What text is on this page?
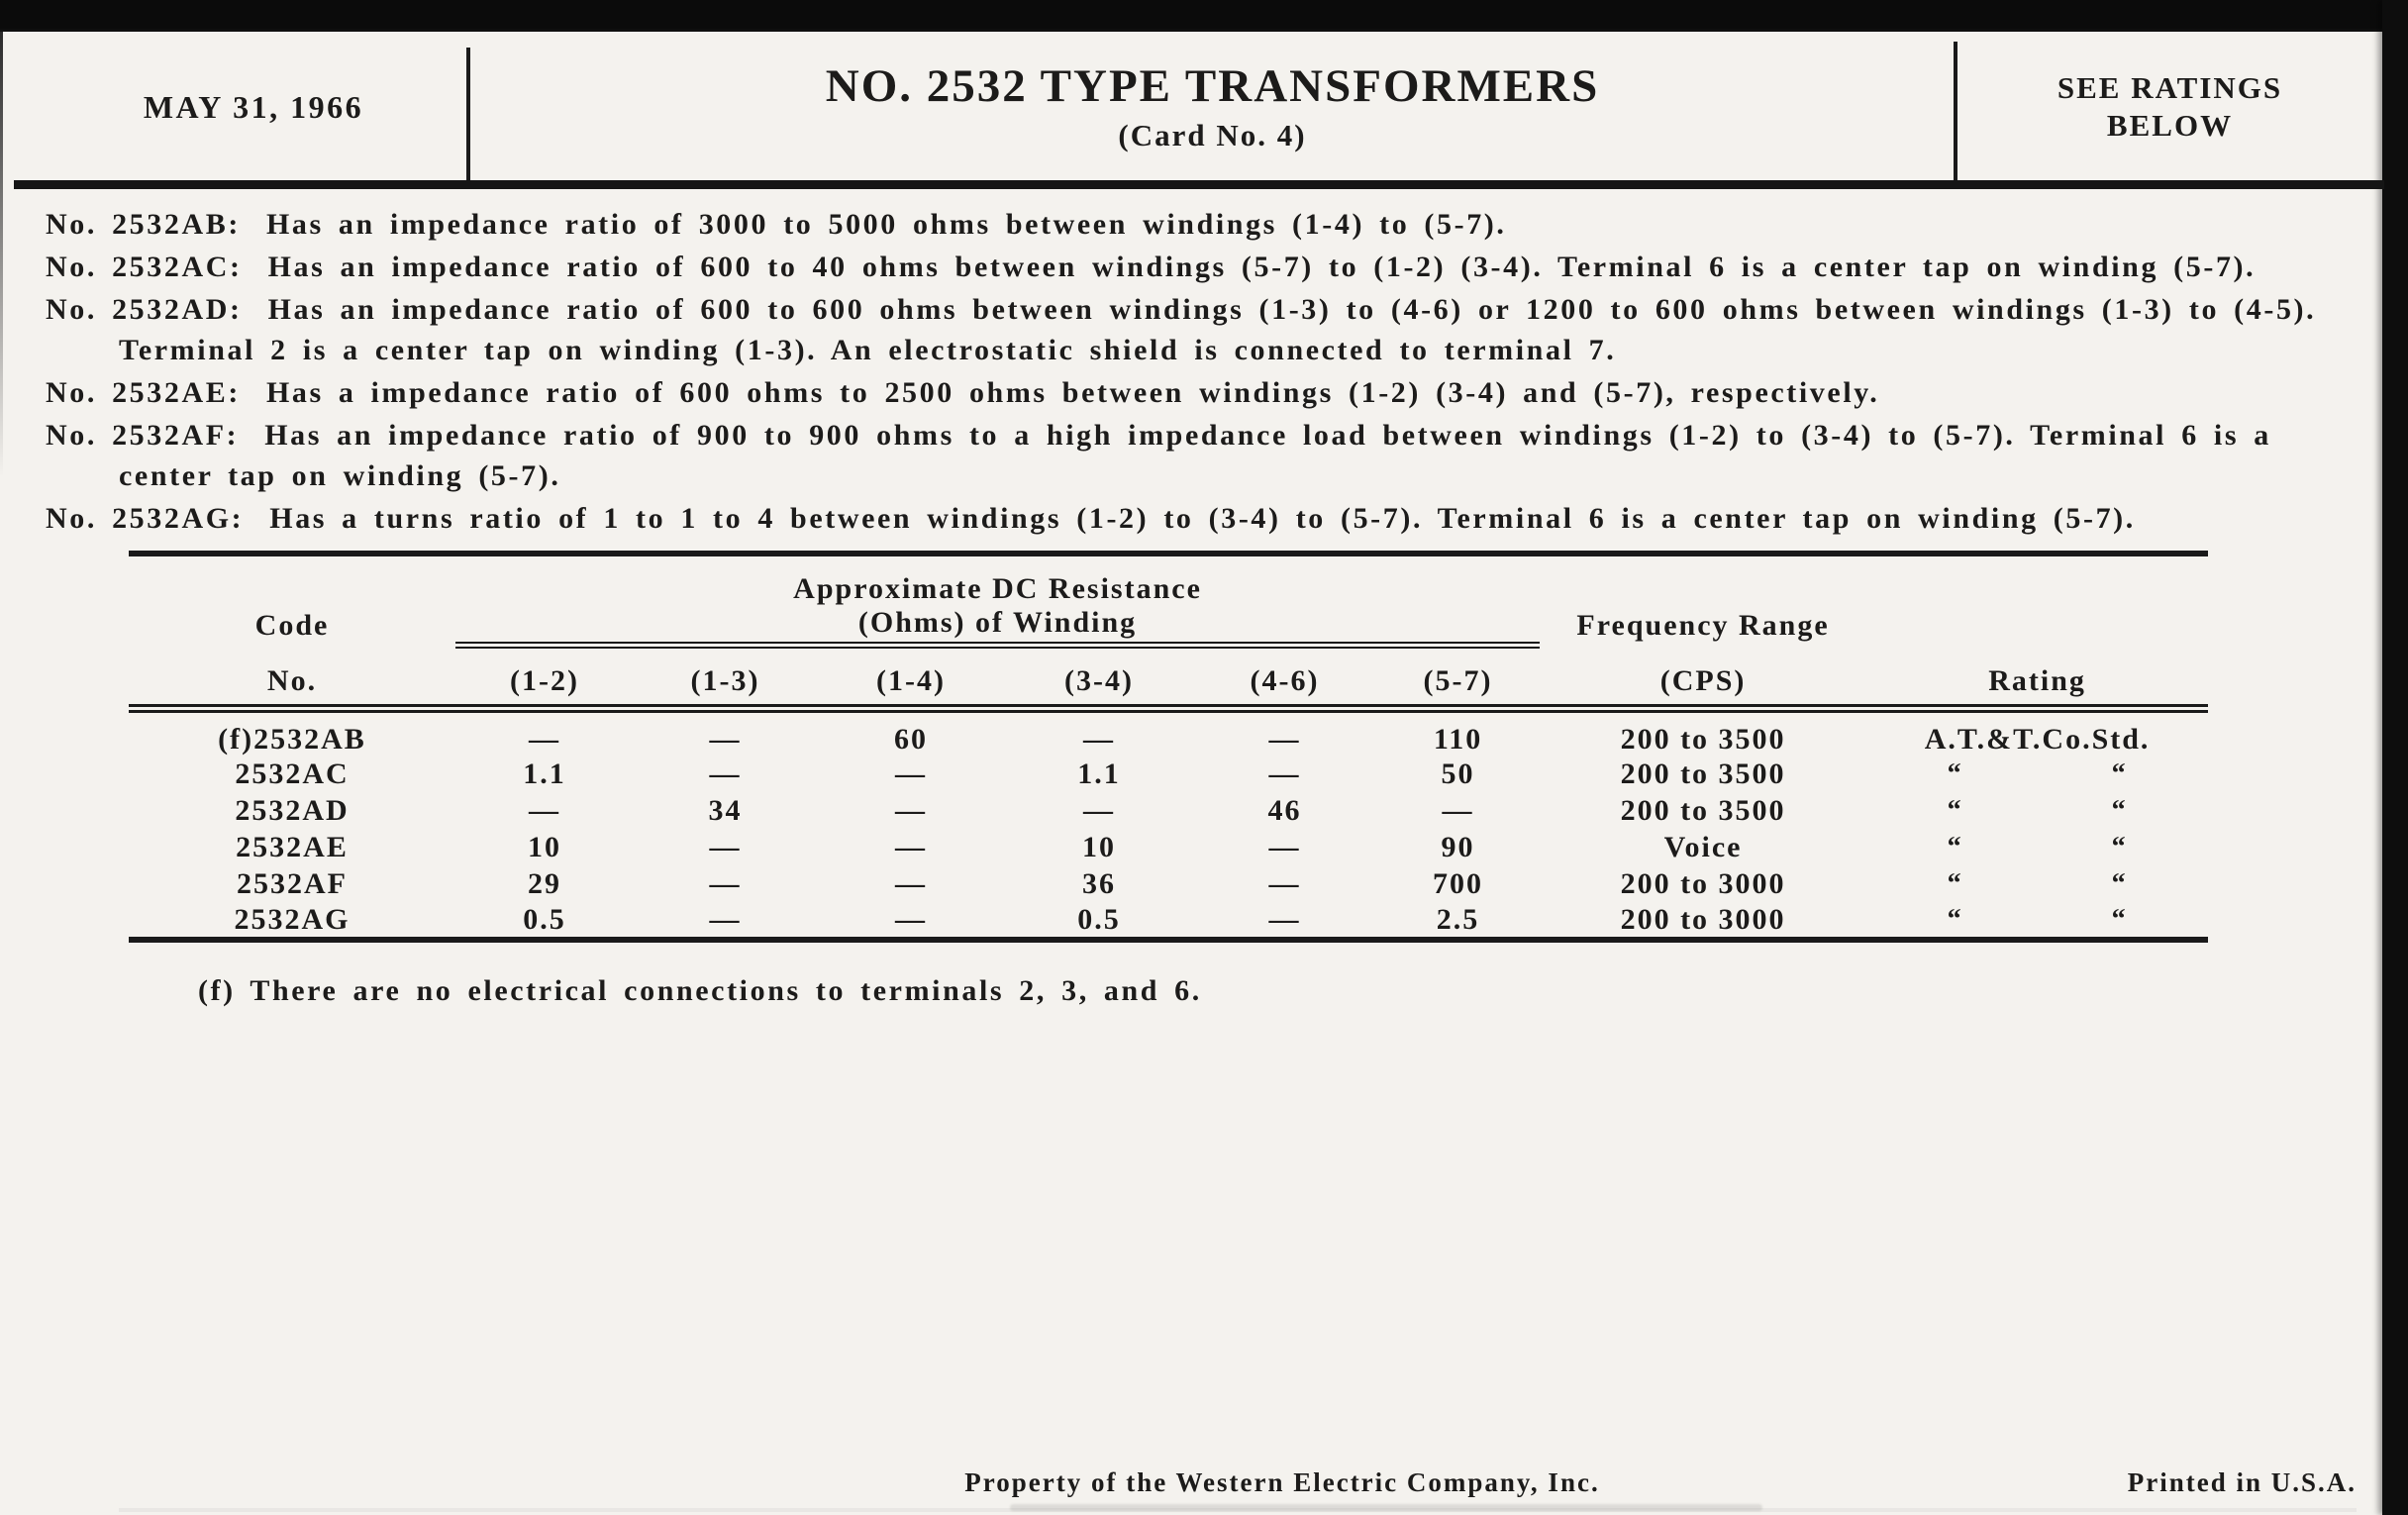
MAY 31, 1966	NO. 2532 TYPE TRANSFORMERS
(Card No. 4)
SEE RATINGS
BELOW

No. 2532AB: Has an impedance ratio of 3000 to 5000 ohms between windings (1-4) to (5-7).

No. 2532AC: Has an impedance ratio of 600 to 40 ohms between windings (5-7) to (1-2) (3-4). Terminal 6 is a center tap on winding (5-7).

No. 2532AD: Has an impedance ratio of 600 to 600 ohms between windings (1-3) to (4-6) or 1200 to 600 ohms between windings (1-3) to (4-5). Terminal 2 is a center tap on winding (1-3). An electrostatic shield is connected to terminal 7.

No. 2532AE: Has a impedance ratio of 600 ohms to 2500 ohms between windings (1-2) (3-4) and (5-7), respectively.

No. 2532AF: Has an impedance ratio of 900 to 900 ohms to a high impedance load between windings (1-2) to (3-4) to (5-7). Terminal 6 is a center tap on winding (5-7).

No. 2532AG: Has a turns ratio of 1 to 1 to 4 between windings (1-2) to (3-4) to (5-7). Terminal 6 is a center tap on winding (5-7).

Code	Approximate DC Resistance
(Ohms) of Winding						Frequency Range	
No.	(1-2)	(1-3)	(1-4)	(3-4)	(4-6)	(5-7)	(CPS)	Rating
(f)2532AB	—	—	60	—	—	110	200 to 3500	A.T.&T.Co.Std.
2532AC	1.1	—	—	1.1	—	50	200 to 3500	“ “

2532AD	—	34	—	—	46	—	200 to 3500	“ “

2532AE	10	—	—	10	—	90	Voice	“ “

2532AF	29	—	—	36	—	700	200 to 3000	“ “

2532AG	0.5	—	—	0.5	—	2.5	200 to 3000	“ “
(f) There are no electrical connections to terminals 2, 3, and 6.
Property of the Western Electric Company, Inc.	Printed in U.S.A.
